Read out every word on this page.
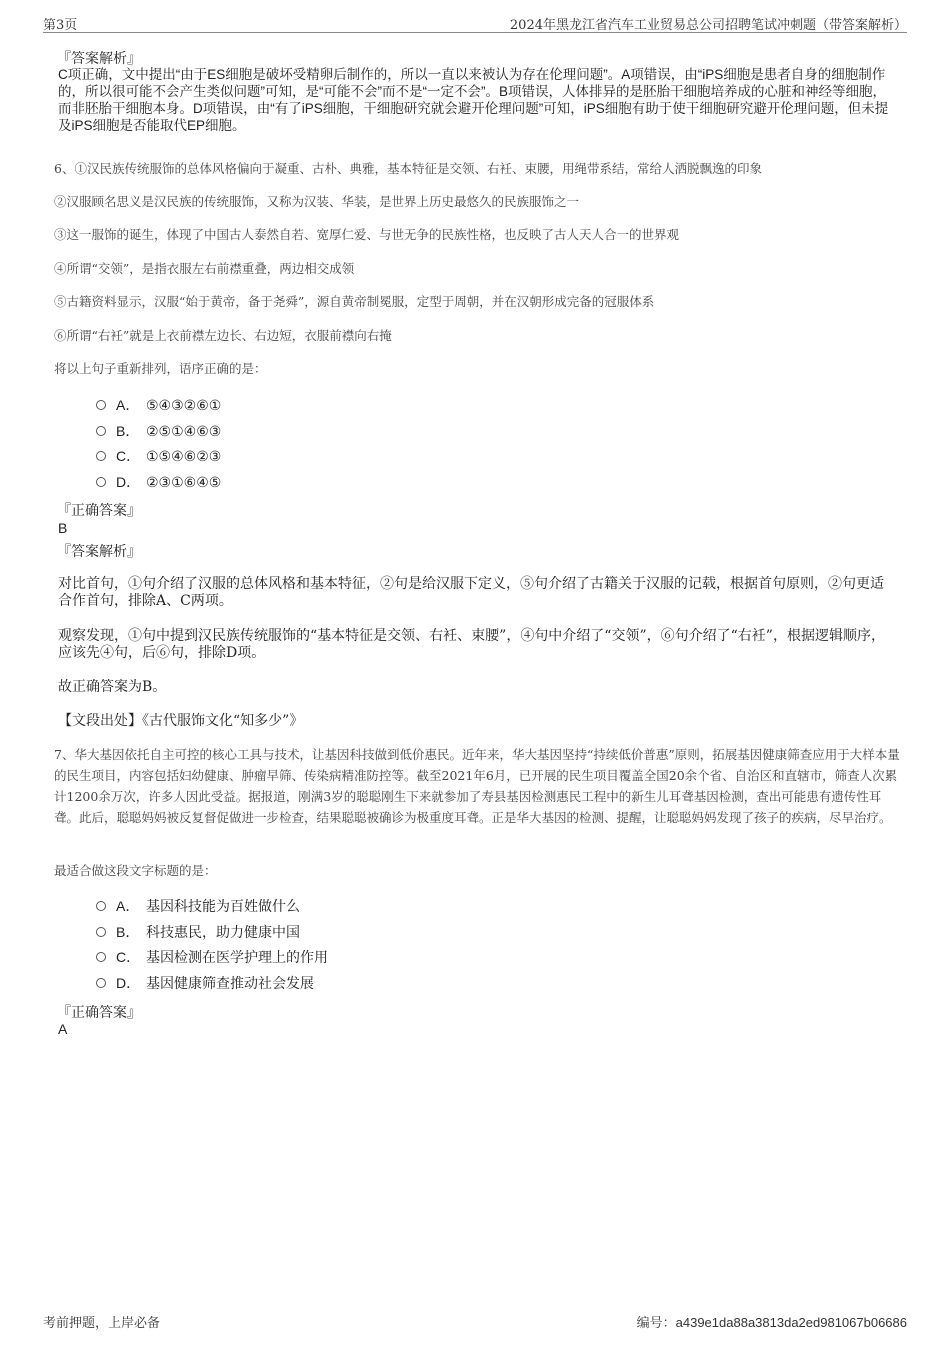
第3页	2024年黑龙江省汽车工业贸易总公司招聘笔试冲刺题（带答案解析）
『答案解析』
C项正确，文中提出“由于ES细胞是破坏受精卵后制作的，所以一直以来被认为存在伦理问题”。A项错误，由“iPS细胞是患者自身的细胞制作的，所以很可能不会产生类似问题”可知，是“可能不会”而不是“一定不会”。B项错误，人体排异的是胚胎干细胞培养成的心脏和神经等细胞，而非胚胎干细胞本身。D项错误，由“有了iPS细胞，干细胞研究就会避开伦理问题”可知，iPS细胞有助于使干细胞研究避开伦理问题，但未提及iPS细胞是否能取代EP细胞。
6、①汉民族传统服饰的总体风格偏向于凝重、古朴、典雅，基本特征是交领、右衽、束腰，用绳带系结，常给人洒脱飘逸的印象
②汉服顾名思义是汉民族的传统服饰，又称为汉装、华装，是世界上历史最悠久的民族服饰之一
③这一服饰的诞生，体现了中国古人泰然自若、宽厚仁爱、与世无争的民族性格，也反映了古人天人合一的世界观
④所谓“交领”，是指衣服左右前襟重叠，两边相交成领
⑤古籍资料显示，汉服“始于黄帝，备于尧舜”，源自黄帝制冕服，定型于周朝，并在汉朝形成完备的冠服体系
⑥所谓“右衽”就是上衣前襟左边长、右边短，衣服前襟向右掩
将以上句子重新排列，语序正确的是：
A． ⑤④③②⑥①
B． ②⑤①④⑥③
C． ①⑤④⑥②③
D． ②③①⑥④⑤
『正确答案』
B
『答案解析』
对比首句，①句介绍了汉服的总体风格和基本特征，②句是给汉服下定义，⑤句介绍了古籍关于汉服的记载，根据首句原则，②句更适合作首句，排除A、C两项。
观察发现，①句中提到汉民族传统服饰的“基本特征是交领、右衽、束腰”，④句中介绍了“交领”，⑥句介绍了“右衽”，根据逻辑顺序，应该先④句，后⑥句，排除D项。
故正确答案为B。
【文段出处】《古代服饰文化“知多少”》
7、华大基因依托自主可控的核心工具与技术，让基因科技做到低价惠民。近年来，华大基因坚持“持续低价普惠”原则，拓展基因健康筛查应用于大样本量的民生项目，内容包括妇幼健康、肿瘤早筛、传染病精准防控等。截至2021年6月，已开展的民生项目覆盖全国20余个省、自治区和直辖市，筛查人次累计1200余万次，许多人因此受益。据报道，刚满3岁的聪聪刚生下来就参加了寿县基因检测惠民工程中的新生儿耳聋基因检测，查出可能患有遗传性耳聋。此后，聪聪妈妈被反复督促做进一步检查，结果聪聪被确诊为极重度耳聋。正是华大基因的检测、提醒，让聪聪妈妈发现了孩子的疾病，尽早治疗。
最适合做这段文字标题的是：
A． 基因科技能为百姓做什么
B． 科技惠民，助力健康中国
C． 基因检测在医学护理上的作用
D． 基因健康筛查推动社会发展
『正确答案』
A
考前押题，上岸必备	编号：a439e1da88a3813da2ed981067b06686
